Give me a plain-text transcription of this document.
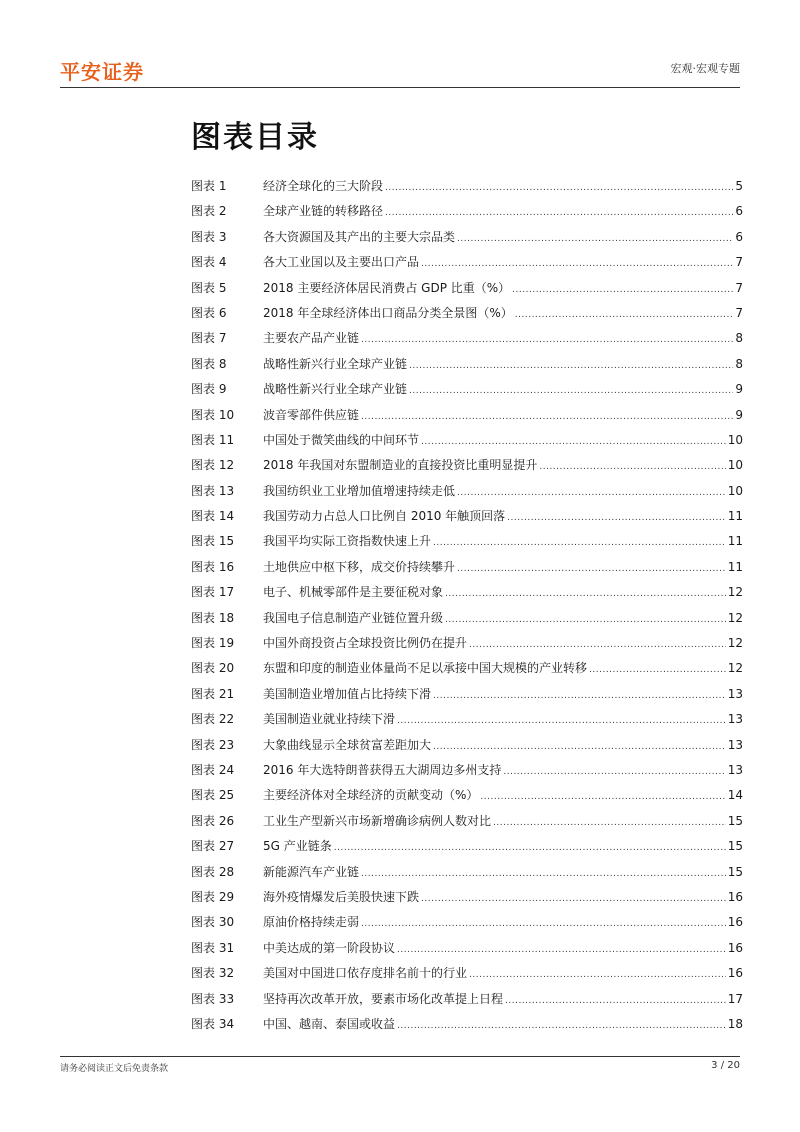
平安证券	宏观·宏观专题
图表目录
图表 1	经济全球化的三大阶段 .....	5
图表 2	全球产业链的转移路径 .....	6
图表 3	各大资源国及其产出的主要大宗品类 .....	6
图表 4	各大工业国以及主要出口产品 .....	7
图表 5	2018 主要经济体居民消费占 GDP 比重（%） .....	7
图表 6	2018 年全球经济体出口商品分类全景图（%） .....	7
图表 7	主要农产品产业链 .....	8
图表 8	战略性新兴行业全球产业链 .....	8
图表 9	战略性新兴行业全球产业链 .....	9
图表 10	波音零部件供应链 .....	9
图表 11	中国处于微笑曲线的中间环节 .....	10
图表 12	2018 年我国对东盟制造业的直接投资比重明显提升 .....	10
图表 13	我国纺织业工业增加值增速持续走低 .....	10
图表 14	我国劳动力占总人口比例自 2010 年触顶回落 .....	11
图表 15	我国平均实际工资指数快速上升 .....	11
图表 16	土地供应中枢下移，成交价持续攀升 .....	11
图表 17	电子、机械零部件是主要征税对象 .....	12
图表 18	我国电子信息制造产业链位置升级 .....	12
图表 19	中国外商投资占全球投资比例仍在提升 .....	12
图表 20	东盟和印度的制造业体量尚不足以承接中国大规模的产业转移 .....	12
图表 21	美国制造业增加值占比持续下滑 .....	13
图表 22	美国制造业就业持续下滑 .....	13
图表 23	大象曲线显示全球贫富差距加大 .....	13
图表 24	2016 年大选特朗普获得五大湖周边多州支持 .....	13
图表 25	主要经济体对全球经济的贡献变动（%） .....	14
图表 26	工业生产型新兴市场新增确诊病例人数对比 .....	15
图表 27	5G 产业链条 .....	15
图表 28	新能源汽车产业链 .....	15
图表 29	海外疫情爆发后美股快速下跌 .....	16
图表 30	原油价格持续走弱 .....	16
图表 31	中美达成的第一阶段协议 .....	16
图表 32	美国对中国进口依存度排名前十的行业 .....	16
图表 33	坚持再次改革开放，要素市场化改革提上日程 .....	17
图表 34	中国、越南、泰国或收益 .....	18
请务必阅读正文后免责条款	3 / 20
